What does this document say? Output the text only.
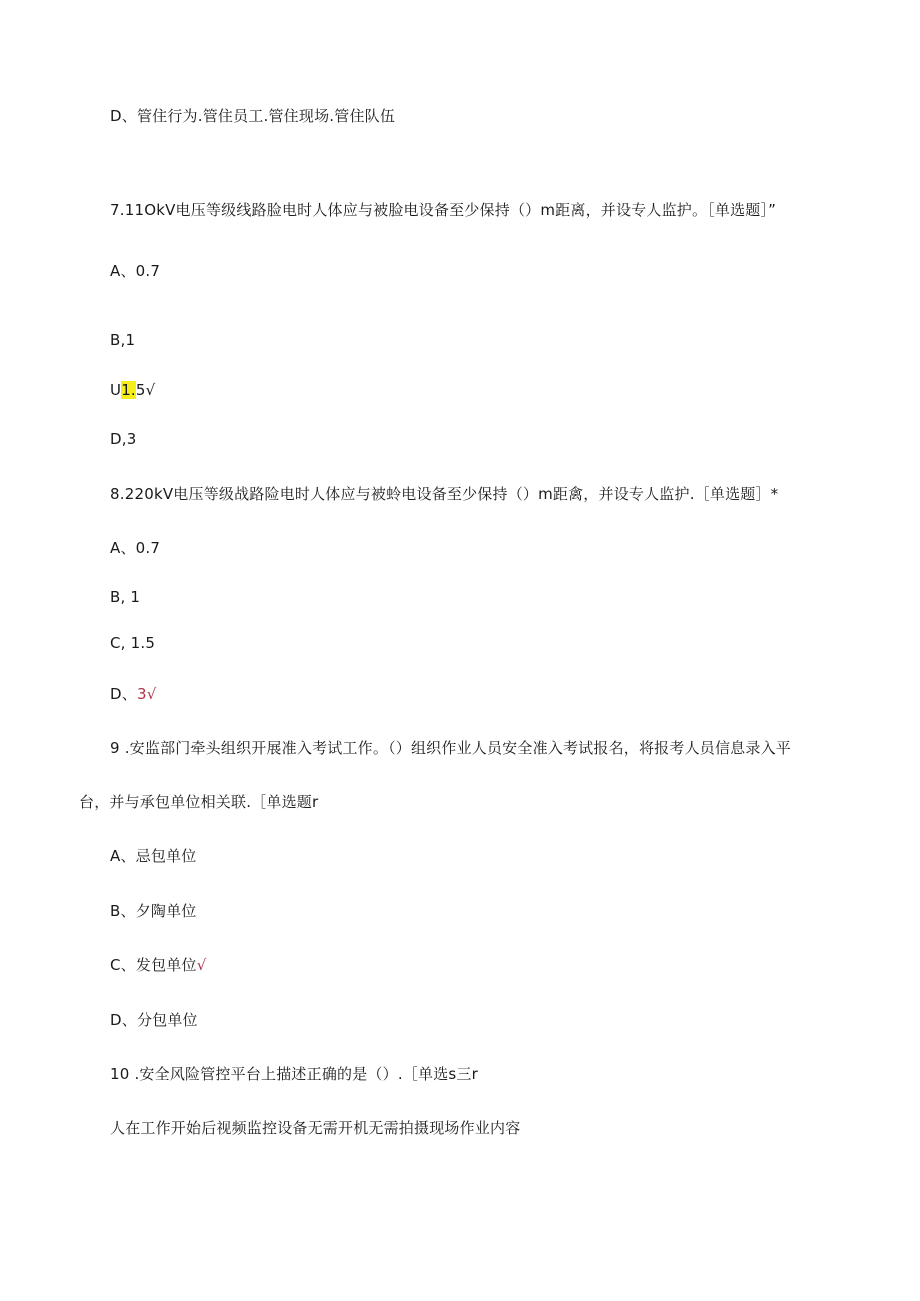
D、管住行为.管住员工.管住现场.管住队伍
7.11OkV电压等级线路脸电时人体应与被脸电设备至少保持（）m距离，并设专人监护。［单选题］”
A、0.7
B,1
U1.5√
D,3
8.220kV电压等级战路险电时人体应与被蛉电设备至少保持（）m距禽，并设专人监护.［单选题］*
A、0.7
B, 1
C, 1.5
D、3√
9 .安监部门牵头组织开展准入考试工作。（）组织作业人员安全准入考试报名，将报考人员信息录入平
台，并与承包单位相关联.［单选题r
A、忌包单位
B、夕陶单位
C、发包单位√
D、分包单位
10 .安全风险管控平台上描述正确的是（）.［单选s三r
人在工作开始后视频监控设备无需开机无需拍摄现场作业内容
